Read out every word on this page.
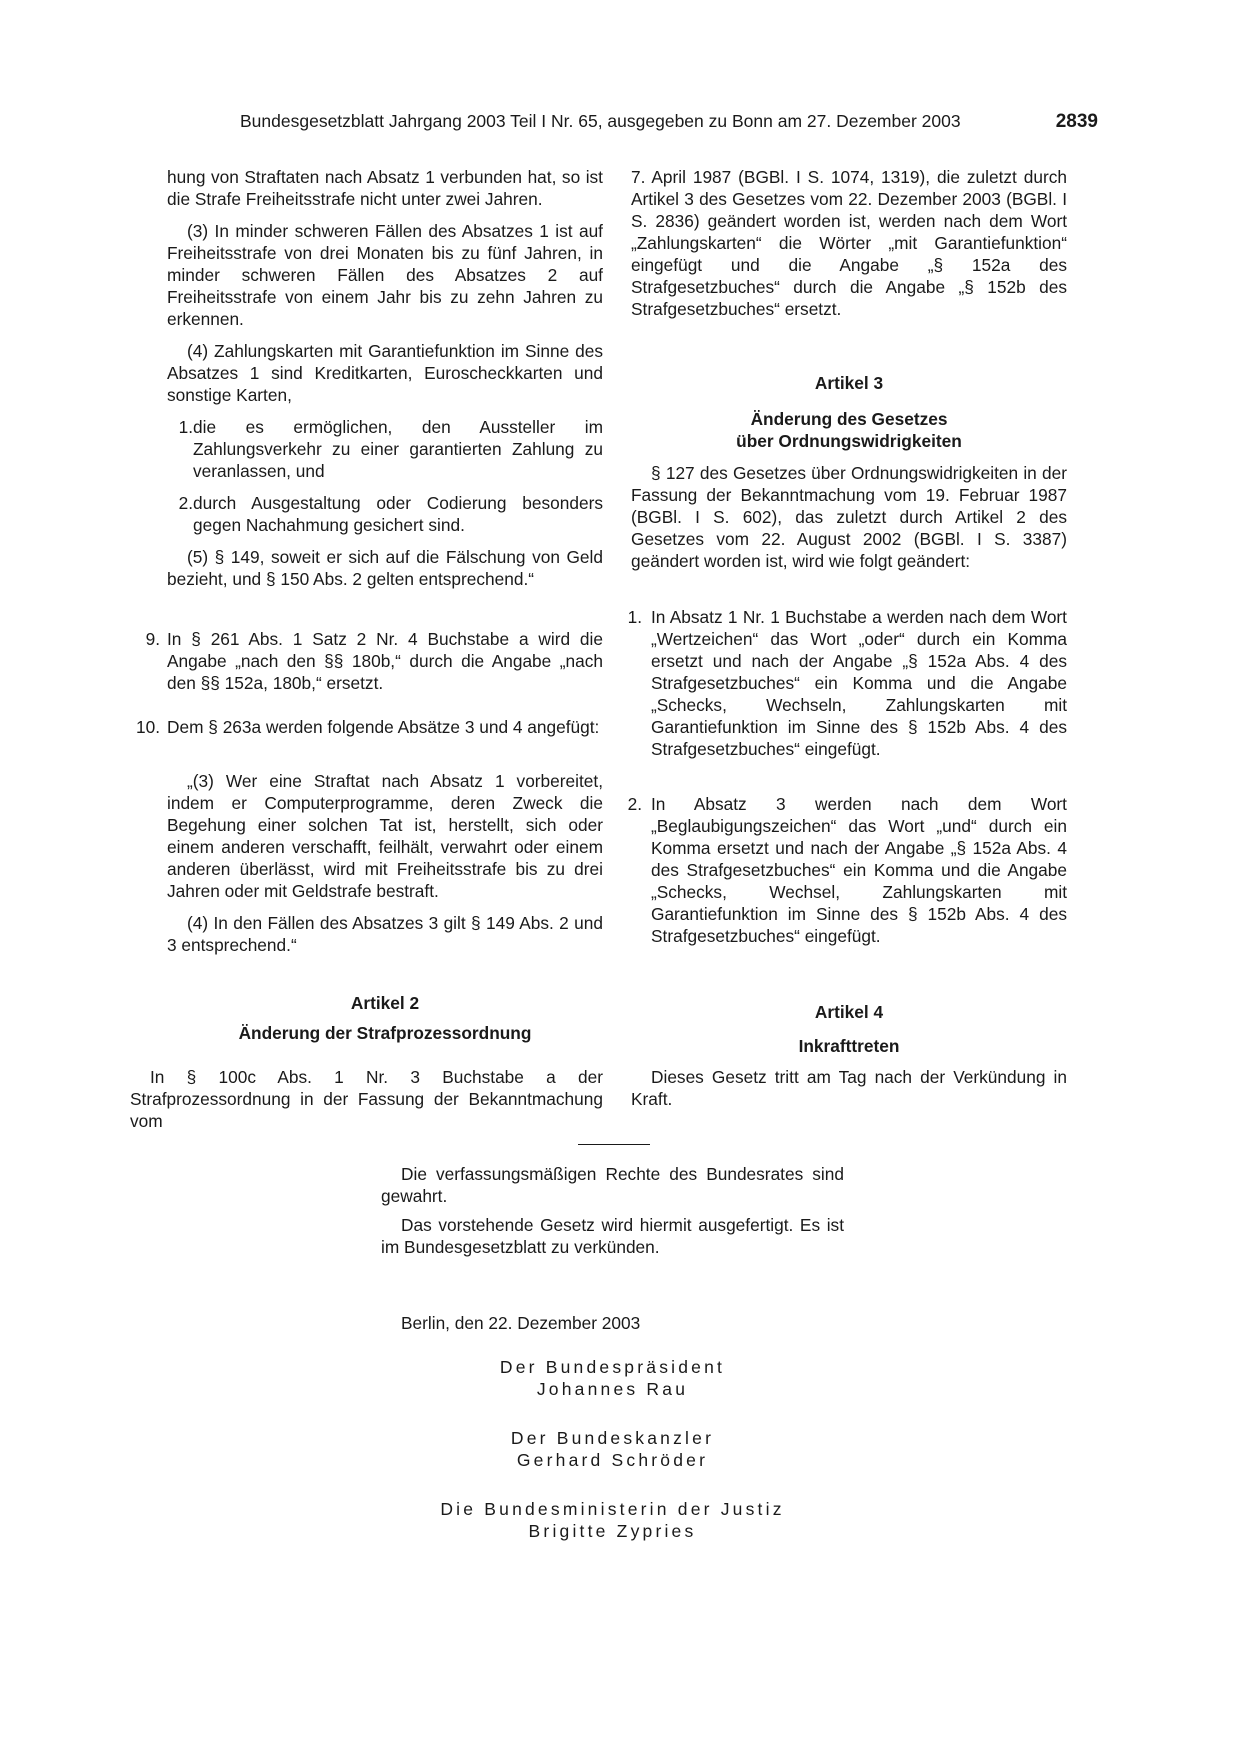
Bundesgesetzblatt Jahrgang 2003 Teil I Nr. 65, ausgegeben zu Bonn am 27. Dezember 2003	2839

hung von Straftaten nach Absatz 1 verbunden hat, so ist die Strafe Freiheitsstrafe nicht unter zwei Jahren.

(3) In minder schweren Fällen des Absatzes 1 ist auf Freiheitsstrafe von drei Monaten bis zu fünf Jahren, in minder schweren Fällen des Absatzes 2 auf Freiheitsstrafe von einem Jahr bis zu zehn Jahren zu erkennen.

(4) Zahlungskarten mit Garantiefunktion im Sinne des Absatzes 1 sind Kreditkarten, Euroscheckkarten und sonstige Karten,

1. die es ermöglichen, den Aussteller im Zahlungsverkehr zu einer garantierten Zahlung zu veranlassen, und
2. durch Ausgestaltung oder Codierung besonders gegen Nachahmung gesichert sind.

(5) § 149, soweit er sich auf die Fälschung von Geld bezieht, und § 150 Abs. 2 gelten entsprechend.“

9. In § 261 Abs. 1 Satz 2 Nr. 4 Buchstabe a wird die Angabe „nach den §§ 180b,“ durch die Angabe „nach den §§ 152a, 180b,“ ersetzt.
10. Dem § 263a werden folgende Absätze 3 und 4 angefügt:

„(3) Wer eine Straftat nach Absatz 1 vorbereitet, indem er Computerprogramme, deren Zweck die Begehung einer solchen Tat ist, herstellt, sich oder einem anderen verschafft, feilhält, verwahrt oder einem anderen überlässt, wird mit Freiheitsstrafe bis zu drei Jahren oder mit Geldstrafe bestraft.

(4) In den Fällen des Absatzes 3 gilt § 149 Abs. 2 und 3 entsprechend.“

Artikel 2
Änderung der Strafprozessordnung

In § 100c Abs. 1 Nr. 3 Buchstabe a der Strafprozessordnung in der Fassung der Bekanntmachung vom

7. April 1987 (BGBl. I S. 1074, 1319), die zuletzt durch Artikel 3 des Gesetzes vom 22. Dezember 2003 (BGBl. I S. 2836) geändert worden ist, werden nach dem Wort „Zahlungskarten“ die Wörter „mit Garantiefunktion“ eingefügt und die Angabe „§ 152a des Strafgesetzbuches“ durch die Angabe „§ 152b des Strafgesetzbuches“ ersetzt.

Artikel 3
Änderung des Gesetzes
über Ordnungswidrigkeiten

§ 127 des Gesetzes über Ordnungswidrigkeiten in der Fassung der Bekanntmachung vom 19. Februar 1987 (BGBl. I S. 602), das zuletzt durch Artikel 2 des Gesetzes vom 22. August 2002 (BGBl. I S. 3387) geändert worden ist, wird wie folgt geändert:

1. In Absatz 1 Nr. 1 Buchstabe a werden nach dem Wort „Wertzeichen“ das Wort „oder“ durch ein Komma ersetzt und nach der Angabe „§ 152a Abs. 4 des Strafgesetzbuches“ ein Komma und die Angabe „Schecks, Wechseln, Zahlungskarten mit Garantiefunktion im Sinne des § 152b Abs. 4 des Strafgesetzbuches“ eingefügt.
2. In Absatz 3 werden nach dem Wort „Beglaubigungszeichen“ das Wort „und“ durch ein Komma ersetzt und nach der Angabe „§ 152a Abs. 4 des Strafgesetzbuches“ ein Komma und die Angabe „Schecks, Wechsel, Zahlungskarten mit Garantiefunktion im Sinne des § 152b Abs. 4 des Strafgesetzbuches“ eingefügt.
Artikel 4
Inkrafttreten

Dieses Gesetz tritt am Tag nach der Verkündung in Kraft.

Die verfassungsmäßigen Rechte des Bundesrates sind gewahrt.

Das vorstehende Gesetz wird hiermit ausgefertigt. Es ist im Bundesgesetzblatt zu verkünden.

Berlin, den 22. Dezember 2003
Der Bundespräsident
Johannes Rau
Der Bundeskanzler
Gerhard Schröder
Die Bundesministerin der Justiz
Brigitte Zypries
